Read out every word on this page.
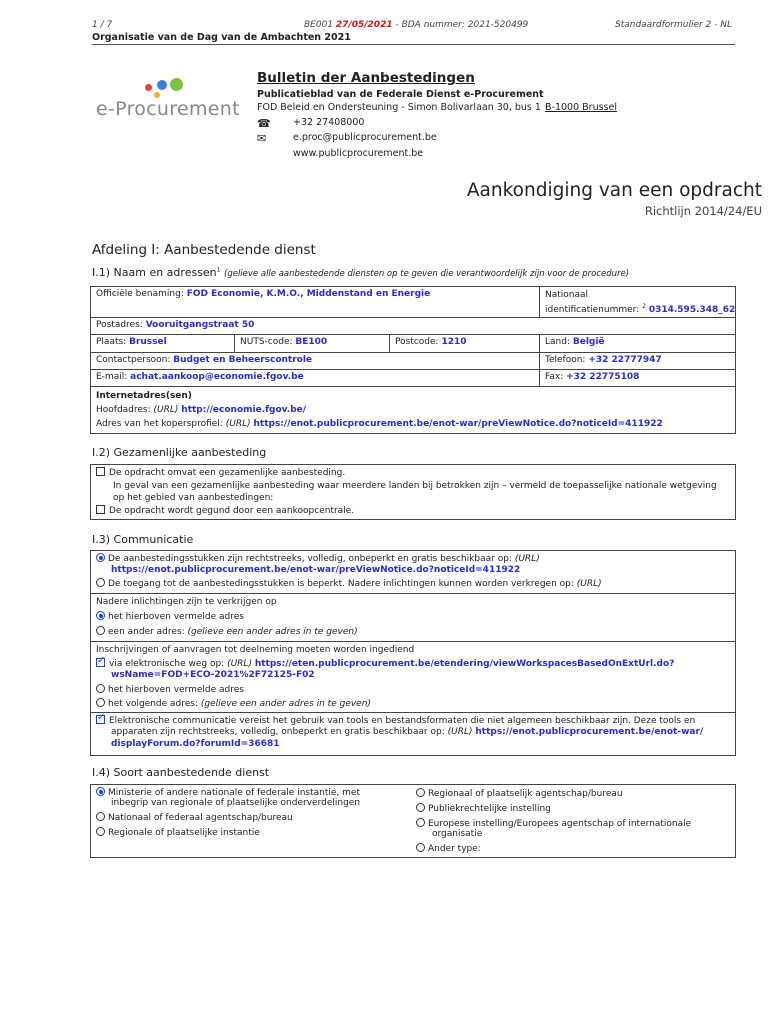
1 / 7	BE001 27/05/2021 - BDA nummer: 2021-520499	Standaardformulier 2 - NL
Organisatie van de Dag van de Ambachten 2021
e-Procurement
Bulletin der Aanbestedingen
Publicatieblad van de Federale Dienst e-Procurement
FOD Beleid en Ondersteuning - Simon Bolivarlaan 30, bus 1 B-1000 Brussel
☎ +32 27408000
✉	e.proc@publicprocurement.be
www.publicprocurement.be
Aankondiging van een opdracht
Richtlijn 2014/24/EU
Afdeling I: Aanbestedende dienst
I.1) Naam en adressen$^1$ (gelieve alle aanbestedende diensten op te geven die verantwoordelijk zijn voor de procedure)
Officiële benaming: FOD Economie, K.M.O., Middenstand en Energie	Nationaal
identificatienummer: $^2$ 0314.595.348_62
Postadres: Vooruitgangstraat 50
Plaats: Brussel	NUTS-code: BE100	Postcode: 1210	Land: België
Contactpersoon: Budget en Beheerscontrole	Telefoon: +32 22777947
E-mail: achat.aankoop@economie.fgov.be	Fax: +32 22775108
Internetadres(sen)
Hoofdadres: (URL) http://economie.fgov.be/
Adres van het kopersprofiel: (URL) https://enot.publicprocurement.be/enot-war/preViewNotice.do?noticeId=411922
I.2) Gezamenlijke aanbesteding
De opdracht omvat een gezamenlijke aanbesteding.
In geval van een gezamenlijke aanbesteding waar meerdere landen bij betrokken zijn – vermeld de toepasselijke nationale wetgeving
op het gebied van aanbestedingen:
De opdracht wordt gegund door een aankoopcentrale.
I.3) Communicatie
De aanbestedingsstukken zijn rechtstreeks, volledig, onbeperkt en gratis beschikbaar op: (URL)
https://enot.publicprocurement.be/enot-war/preViewNotice.do?noticeId=411922
De toegang tot de aanbestedingsstukken is beperkt. Nadere inlichtingen kunnen worden verkregen op: (URL)
Nadere inlichtingen zijn te verkrijgen op
het hierboven vermelde adres
een ander adres: (gelieve een ander adres in te geven)
Inschrijvingen of aanvragen tot deelneming moeten worden ingediend
✓via elektronische weg op: (URL) https://eten.publicprocurement.be/etendering/viewWorkspacesBasedOnExtUrl.do?
wsName=FOD+ECO-2021%2F72125-F02
het hierboven vermelde adres
het volgende adres: (gelieve een ander adres in te geven)
✓Elektronische communicatie vereist het gebruik van tools en bestandsformaten die niet algemeen beschikbaar zijn. Deze tools en
apparaten zijn rechtstreeks, volledig, onbeperkt en gratis beschikbaar op: (URL) https://enot.publicprocurement.be/enot-war/
displayForum.do?forumId=36681
I.4) Soort aanbestedende dienst
Ministerie of andere nationale of federale instantie, met
inbegrip van regionale of plaatselijke onderverdelingen
Nationaal of federaal agentschap/bureau
Regionale of plaatselijke instantie
Regionaal of plaatselijk agentschap/bureau
Publiekrechtelijke instelling
Europese instelling/Europees agentschap of internationale
organisatie
Ander type:
